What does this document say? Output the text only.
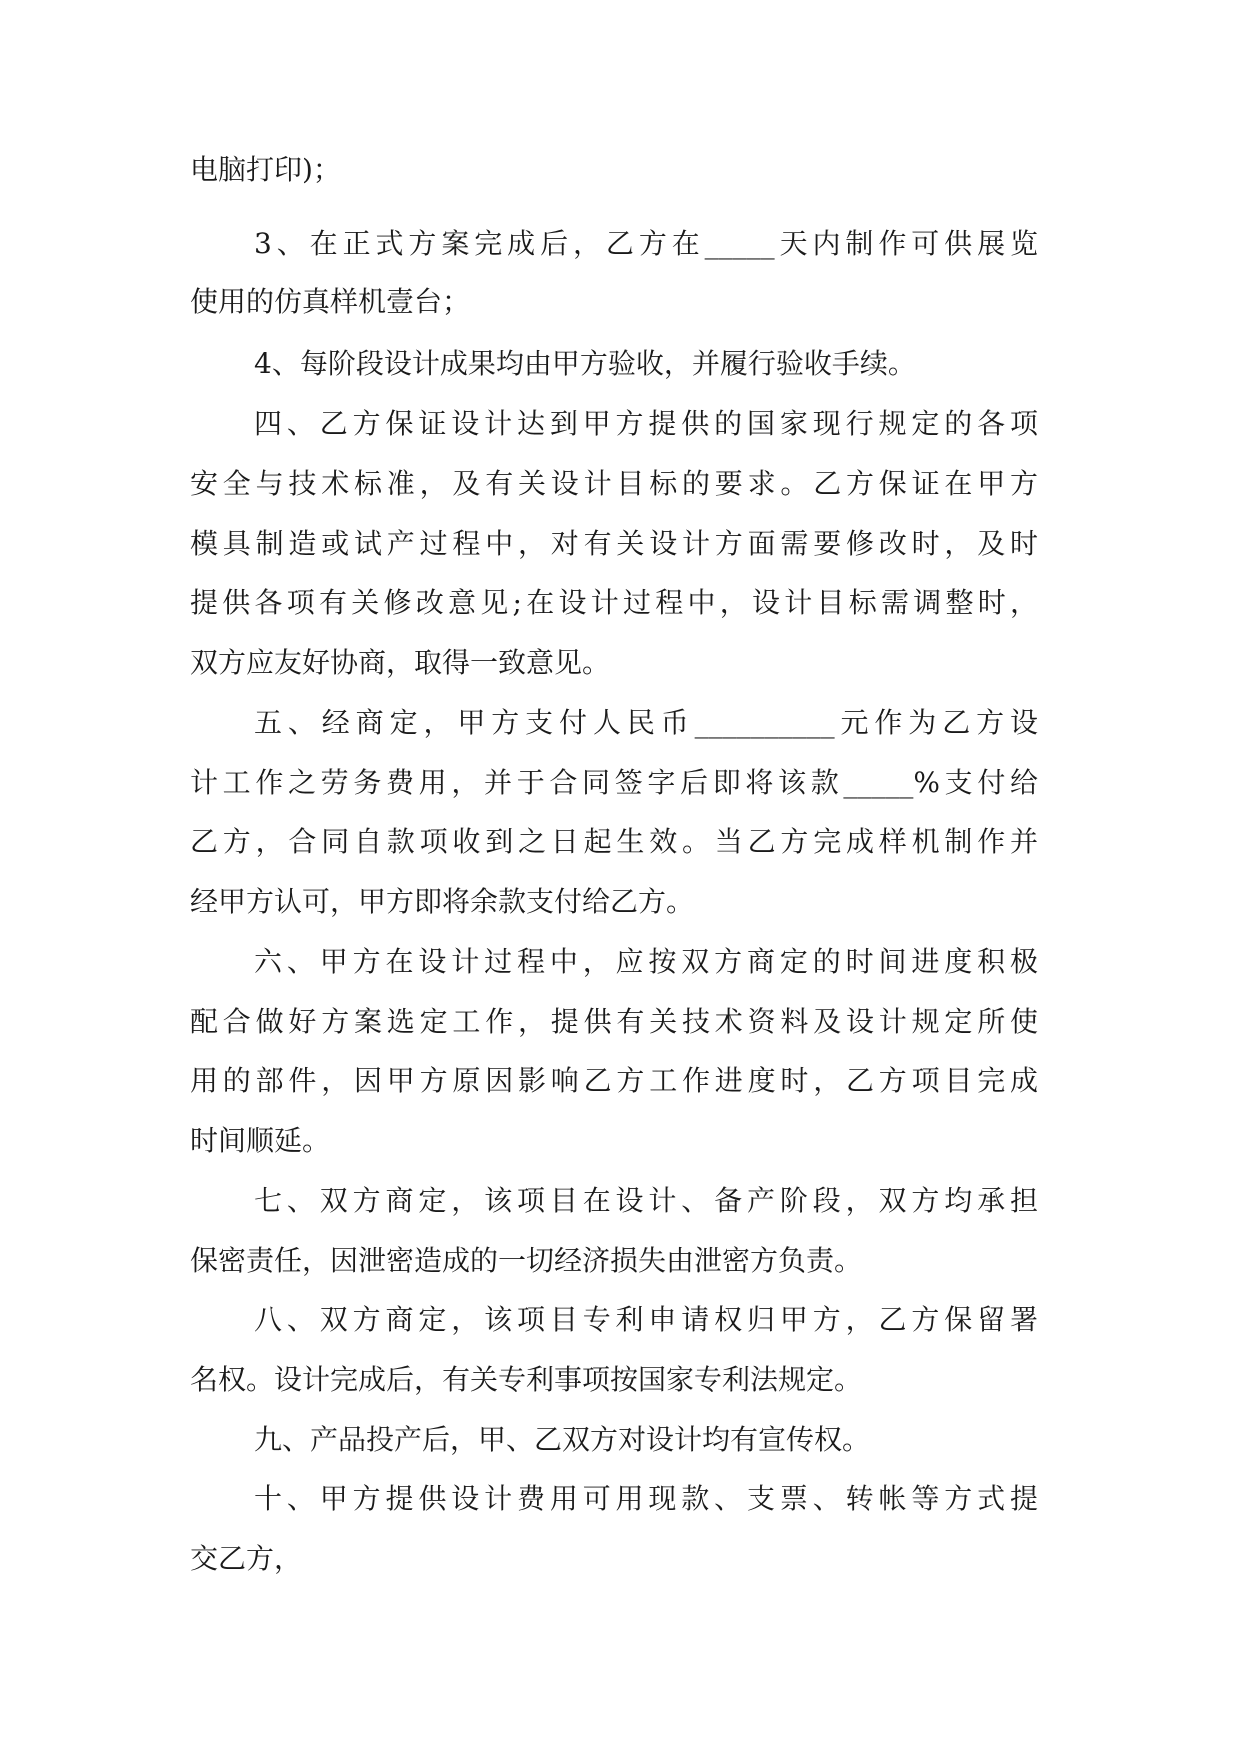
电脑打印)；

3、在正式方案完成后，乙方在_____天内制作可供展览

使用的仿真样机壹台；

4、每阶段设计成果均由甲方验收，并履行验收手续。

四、乙方保证设计达到甲方提供的国家现行规定的各项

安全与技术标准，及有关设计目标的要求。乙方保证在甲方

模具制造或试产过程中，对有关设计方面需要修改时，及时

提供各项有关修改意见;在设计过程中，设计目标需调整时，

双方应友好协商，取得一致意见。

五、经商定，甲方支付人民币__________元作为乙方设

计工作之劳务费用，并于合同签字后即将该款_____%支付给

乙方，合同自款项收到之日起生效。当乙方完成样机制作并

经甲方认可，甲方即将余款支付给乙方。

六、甲方在设计过程中，应按双方商定的时间进度积极

配合做好方案选定工作，提供有关技术资料及设计规定所使

用的部件，因甲方原因影响乙方工作进度时，乙方项目完成

时间顺延。

七、双方商定，该项目在设计、备产阶段，双方均承担

保密责任，因泄密造成的一切经济损失由泄密方负责。

八、双方商定，该项目专利申请权归甲方，乙方保留署

名权。设计完成后，有关专利事项按国家专利法规定。

九、产品投产后，甲、乙双方对设计均有宣传权。

十、甲方提供设计费用可用现款、支票、转帐等方式提

交乙方，
